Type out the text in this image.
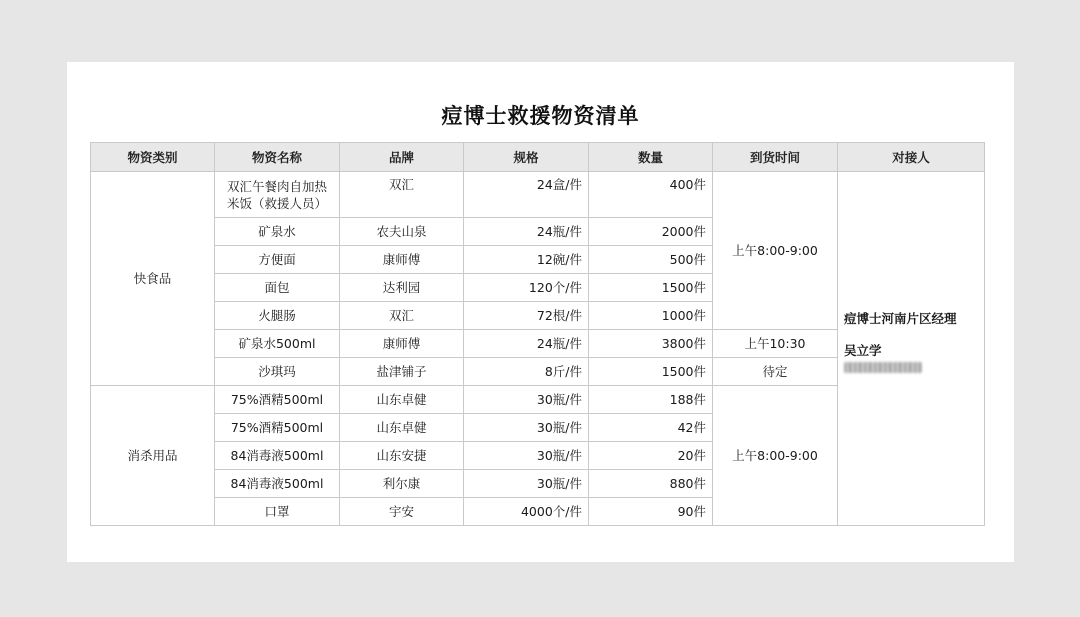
痘博士救援物资清单
物资类别	物资名称	品牌	规格	数量	到货时间	对接人
快食品	双汇午餐肉自加热米饭（救援人员）	双汇	24盒/件	400件	上午8:00-9:00	痘博士河南片区经理
吴立学

	矿泉水	农夫山泉	24瓶/件	2000件		
	方便面	康师傅	12碗/件	500件		
	面包	达利园	120个/件	1500件		
	火腿肠	双汇	72根/件	1000件		
	矿泉水500ml	康师傅	24瓶/件	3800件	上午10:30	
	沙琪玛	盐津铺子	8斤/件	1500件	待定	
消杀用品	75%酒精500ml	山东卓健	30瓶/件	188件	上午8:00-9:00	
	75%酒精500ml	山东卓健	30瓶/件	42件		
	84消毒液500ml	山东安捷	30瓶/件	20件		
	84消毒液500ml	利尔康	30瓶/件	880件		
	口罩	宇安	4000个/件	90件		
